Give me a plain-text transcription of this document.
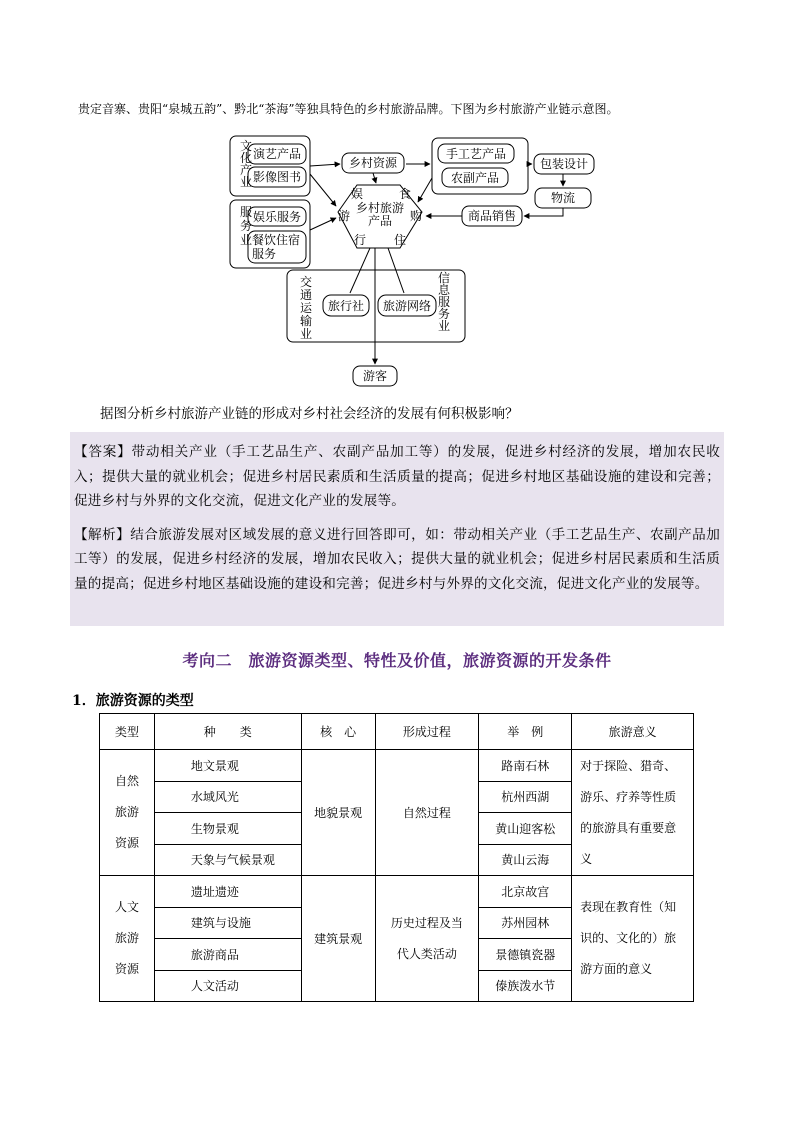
贵定音寨、贵阳“泉城五韵”、黔北“茶海”等独具特色的乡村旅游品牌。下图为乡村旅游产业链示意图。
文化产业
演艺产品
影像图书
乡村资源
手工艺产品
农副产品
包装设计
物流
服务业
娱乐服务
餐饮住宿服务
娱	食
游	购
行 住
乡村旅游产品	商品销售
交通运输业
信息服务业
旅行社 旅游网络
游客
据图分析乡村旅游产业链的形成对乡村社会经济的发展有何积极影响？

【答案】带动相关产业（手工艺品生产、农副产品加工等）的发展，促进乡村经济的发展，增加农民收入；提供大量的就业机会；促进乡村居民素质和生活质量的提高；促进乡村地区基础设施的建设和完善；促进乡村与外界的文化交流，促进文化产业的发展等。

【解析】结合旅游发展对区域发展的意义进行回答即可，如：带动相关产业（手工艺品生产、农副产品加工等）的发展，促进乡村经济的发展，增加农民收入；提供大量的就业机会；促进乡村居民素质和生活质量的提高；促进乡村地区基础设施的建设和完善；促进乡村与外界的文化交流，促进文化产业的发展等。

考向二　旅游资源类型、特性及价值，旅游资源的开发条件
1．旅游资源的类型
类型	种　　类	核　心	形成过程	举　例	旅游意义

自然
旅游
资源	地文景观	地貌景观	自然过程	路南石林	对于探险、猎奇、游乐、疗养等性质的旅游具有重要意义
	水域风光			杭州西湖	
	生物景观			黄山迎客松	
	天象与气候景观			黄山云海	

人文
旅游
资源	遗址遗迹	建筑景观	历史过程及当代人类活动	北京故宫	表现在教育性（知识的、文化的）旅游方面的意义
	建筑与设施			苏州园林	
	旅游商品			景德镇瓷器	
	人文活动			傣族泼水节	
